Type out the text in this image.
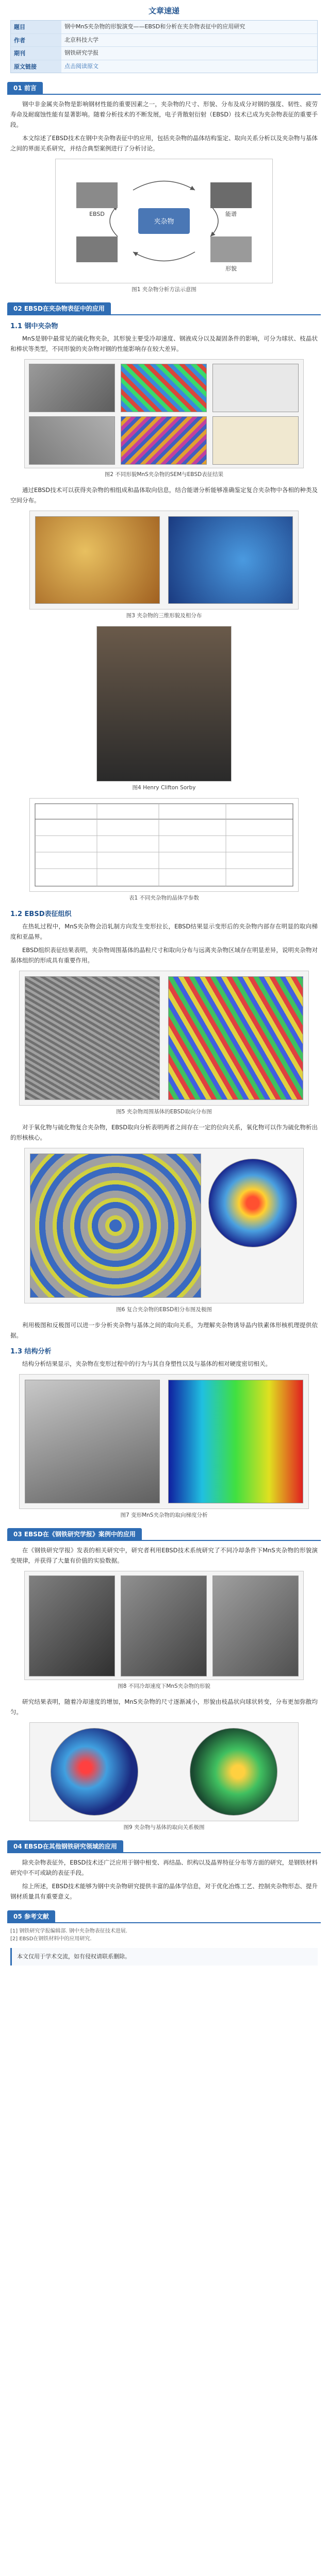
文章速递
题目	钢中MnS夹杂物的形貌演变——EBSD和分析在夹杂物表征中的应用研究
作者	北京科技大学
期刊	钢铁研究学报
原文链接	点击阅读原文
01 前言

钢中非金属夹杂物是影响钢材性能的重要因素之一，夹杂物的尺寸、形貌、分布及成分对钢的强度、韧性、疲劳寿命及耐腐蚀性能有显著影响。随着分析技术的不断发展，电子背散射衍射（EBSD）技术已成为夹杂物表征的重要手段。

本文综述了EBSD技术在钢中夹杂物表征中的应用，包括夹杂物的晶体结构鉴定、取向关系分析以及夹杂物与基体之间的界面关系研究，并结合典型案例进行了分析讨论。

夹杂物
EBSD	能谱
形貌
图1 夹杂物分析方法示意图
02 EBSD在夹杂物表征中的应用
1.1 钢中夹杂物

MnS是钢中最常见的硫化物夹杂，其形貌主要受冷却速度、钢液成分以及凝固条件的影响，可分为球状、枝晶状和棒状等类型，不同形貌的夹杂物对钢的性能影响存在较大差异。

图2 不同形貌MnS夹杂物的SEM与EBSD表征结果

通过EBSD技术可以获得夹杂物的相组成和晶体取向信息，结合能谱分析能够准确鉴定复合夹杂物中各相的种类及空间分布。

图3 夹杂物的三维形貌及相分布
图4 Henry Clifton Sorby
表1 不同夹杂物的晶体学参数
1.2 EBSD表征组织

在热轧过程中，MnS夹杂物会沿轧制方向发生变形拉长，EBSD结果显示变形后的夹杂物内部存在明显的取向梯度和亚晶界。

EBSD组织表征结果表明，夹杂物周围基体的晶粒尺寸和取向分布与远离夹杂物区域存在明显差异，说明夹杂物对基体组织的形成具有重要作用。

图5 夹杂物周围基体的EBSD取向分布图

对于氧化物与硫化物复合夹杂物，EBSD取向分析表明两者之间存在一定的位向关系，氧化物可以作为硫化物析出的形核核心。

图6 复合夹杂物的EBSD相分布图及极图

利用极图和反极图可以进一步分析夹杂物与基体之间的取向关系，为理解夹杂物诱导晶内铁素体形核机理提供依据。

1.3 结构分析

结构分析结果显示，夹杂物在变形过程中的行为与其自身塑性以及与基体的相对硬度密切相关。

图7 变形MnS夹杂物的取向梯度分析
03 EBSD在《钢铁研究学报》案例中的应用

在《钢铁研究学报》发表的相关研究中，研究者利用EBSD技术系统研究了不同冷却条件下MnS夹杂物的形貌演变规律，并获得了大量有价值的实验数据。

图8 不同冷却速度下MnS夹杂物的形貌

研究结果表明，随着冷却速度的增加，MnS夹杂物的尺寸逐渐减小，形貌由枝晶状向球状转变，分布更加弥散均匀。

图9 夹杂物与基体的取向关系极图
04 EBSD在其他钢铁研究领域的应用

除夹杂物表征外，EBSD技术还广泛应用于钢中相变、再结晶、织构以及晶界特征分布等方面的研究，是钢铁材料研究中不可或缺的表征手段。

综上所述，EBSD技术能够为钢中夹杂物研究提供丰富的晶体学信息，对于优化冶炼工艺、控制夹杂物形态、提升钢材质量具有重要意义。

05 参考文献
[1] 钢铁研究学报编辑部. 钢中夹杂物表征技术进展.
[2] EBSD在钢铁材料中的应用研究.
本文仅用于学术交流，如有侵权请联系删除。
